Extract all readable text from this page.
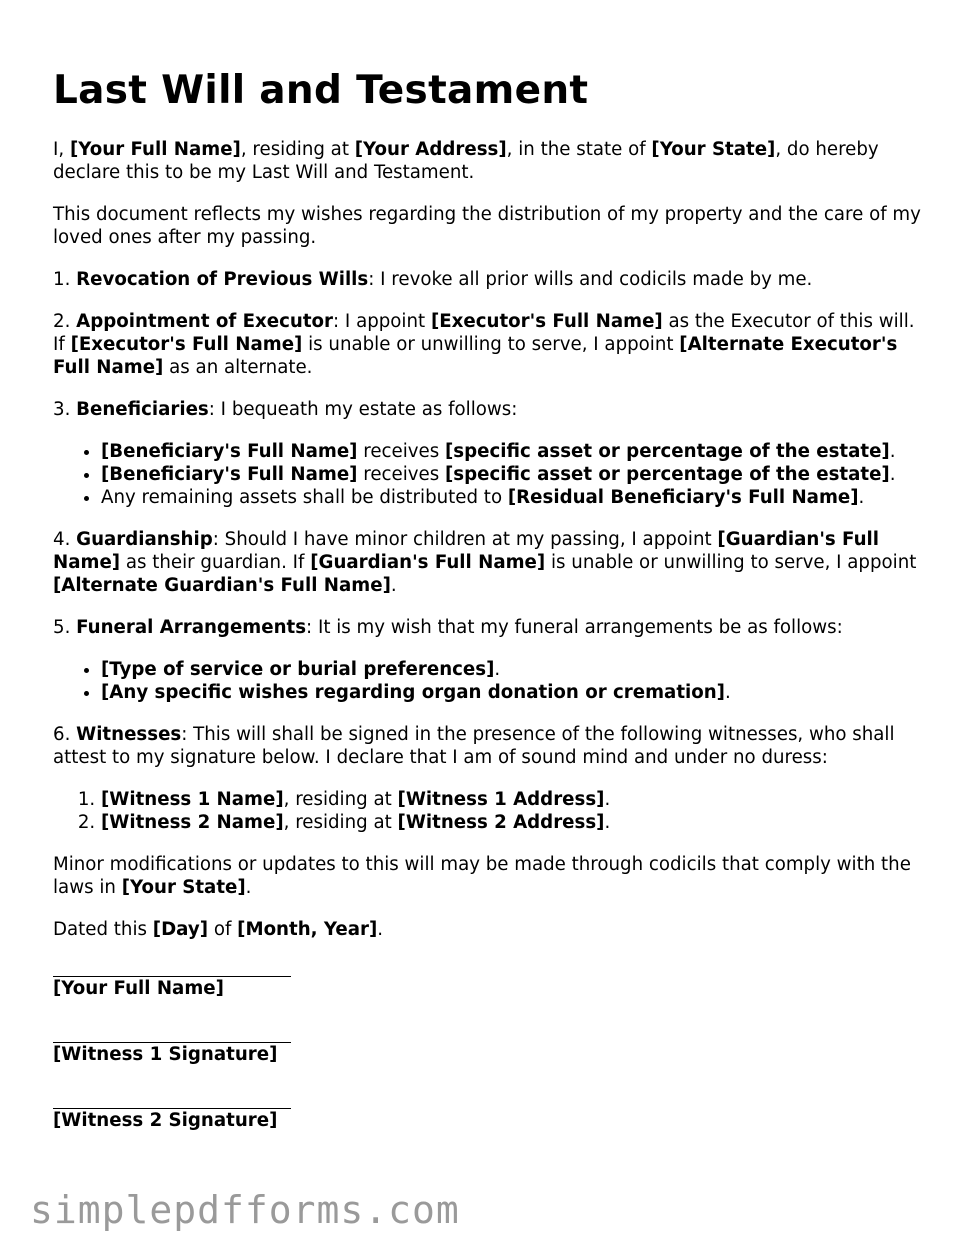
Last Will and Testament

I, [Your Full Name], residing at [Your Address], in the state of [Your State], do hereby declare this to be my Last Will and Testament.

This document reflects my wishes regarding the distribution of my property and the care of my loved ones after my passing.

1. Revocation of Previous Wills: I revoke all prior wills and codicils made by me.

2. Appointment of Executor: I appoint [Executor's Full Name] as the Executor of this will. If [Executor's Full Name] is unable or unwilling to serve, I appoint [Alternate Executor's Full Name] as an alternate.

3. Beneficiaries: I bequeath my estate as follows:

• [Beneficiary's Full Name] receives [specific asset or percentage of the estate].
• [Beneficiary's Full Name] receives [specific asset or percentage of the estate].
• Any remaining assets shall be distributed to [Residual Beneficiary's Full Name].

4. Guardianship: Should I have minor children at my passing, I appoint [Guardian's Full Name] as their guardian. If [Guardian's Full Name] is unable or unwilling to serve, I appoint [Alternate Guardian's Full Name].

5. Funeral Arrangements: It is my wish that my funeral arrangements be as follows:

• [Type of service or burial preferences].
• [Any specific wishes regarding organ donation or cremation].

6. Witnesses: This will shall be signed in the presence of the following witnesses, who shall attest to my signature below. I declare that I am of sound mind and under no duress:

1. [Witness 1 Name], residing at [Witness 1 Address].
2. [Witness 2 Name], residing at [Witness 2 Address].

Minor modifications or updates to this will may be made through codicils that comply with the laws in [Your State].

Dated this [Day] of [Month, Year].

[Your Full Name]
[Witness 1 Signature]
[Witness 2 Signature]
simplepdfforms.com
